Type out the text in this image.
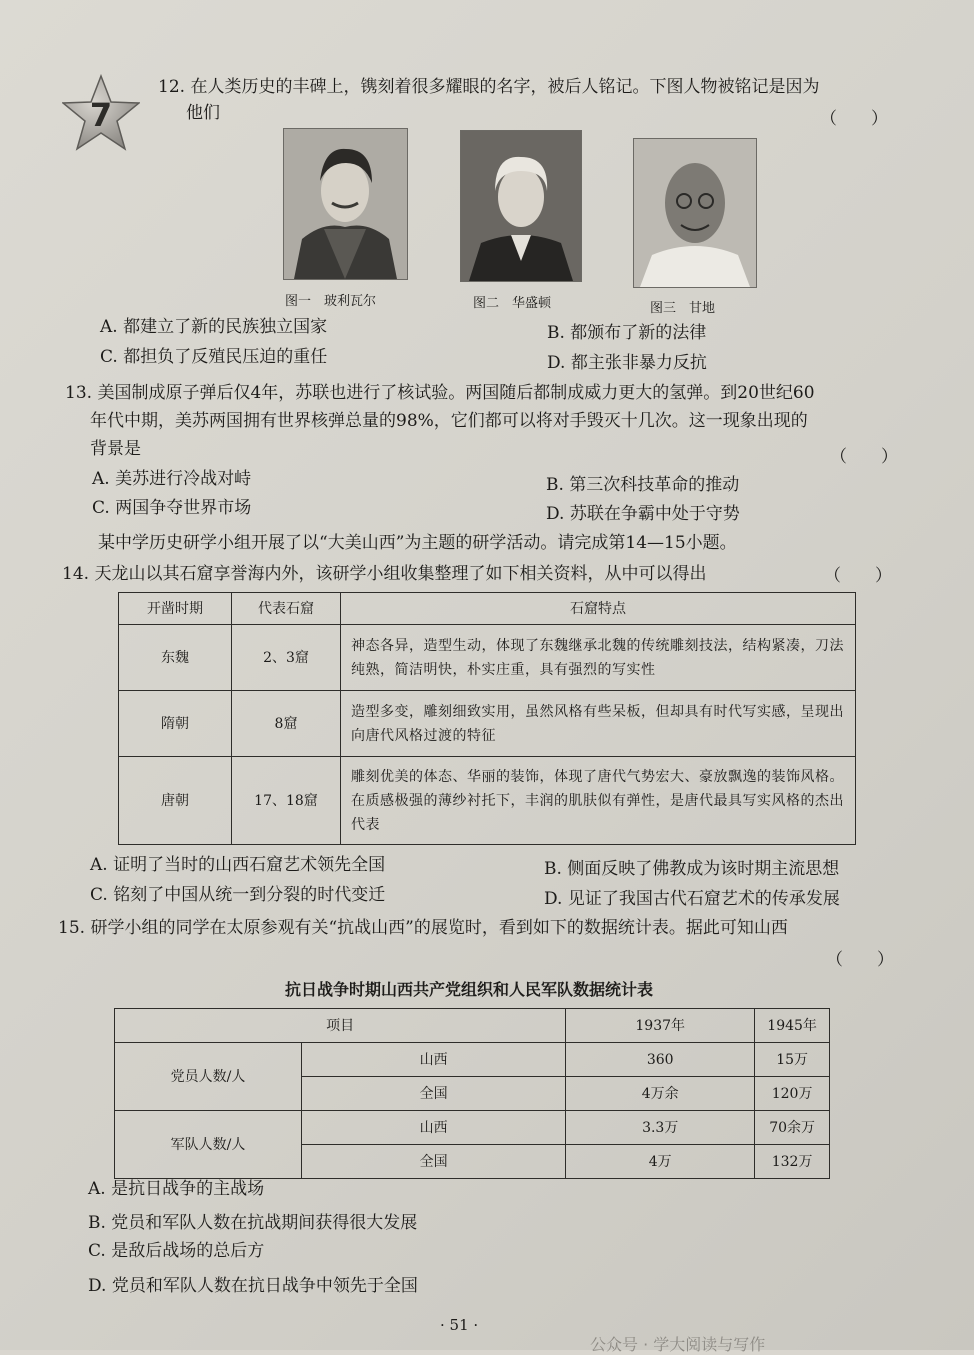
7
12. 在人类历史的丰碑上，镌刻着很多耀眼的名字，被后人铭记。下图人物被铭记是因为
他们	（　　）
图一　玻利瓦尔	图二　华盛顿	图三　甘地
A. 都建立了新的民族独立国家	B. 都颁布了新的法律
C. 都担负了反殖民压迫的重任	D. 都主张非暴力反抗
13. 美国制成原子弹后仅4年，苏联也进行了核试验。两国随后都制成威力更大的氢弹。到20世纪60
年代中期，美苏两国拥有世界核弹总量的98%，它们都可以将对手毁灭十几次。这一现象出现的
背景是	（　　）
A. 美苏进行冷战对峙	B. 第三次科技革命的推动
C. 两国争夺世界市场	D. 苏联在争霸中处于守势
某中学历史研学小组开展了以“大美山西”为主题的研学活动。请完成第14—15小题。
14. 天龙山以其石窟享誉海内外，该研学小组收集整理了如下相关资料，从中可以得出	（　　）
开凿时期	代表石窟	石窟特点
东魏	2、3窟	神态各异，造型生动，体现了东魏继承北魏的传统雕刻技法，结构紧凑，刀法纯熟，简洁明快，朴实庄重，具有强烈的写实性
隋朝	8窟	造型多变，雕刻细致实用，虽然风格有些呆板，但却具有时代写实感，呈现出向唐代风格过渡的特征
唐朝	17、18窟	雕刻优美的体态、华丽的装饰，体现了唐代气势宏大、豪放飘逸的装饰风格。在质感极强的薄纱衬托下，丰润的肌肤似有弹性，是唐代最具写实风格的杰出代表
A. 证明了当时的山西石窟艺术领先全国	B. 侧面反映了佛教成为该时期主流思想
C. 铭刻了中国从统一到分裂的时代变迁	D. 见证了我国古代石窟艺术的传承发展
15. 研学小组的同学在太原参观有关“抗战山西”的展览时，看到如下的数据统计表。据此可知山西
（　　）
抗日战争时期山西共产党组织和人民军队数据统计表
项目		1937年	1945年
党员人数/人	山西	360	15万
	全国	4万余	120万
军队人数/人	山西	3.3万	70余万
	全国	4万	132万
A. 是抗日战争的主战场
B. 党员和军队人数在抗战期间获得很大发展
C. 是敌后战场的总后方
D. 党员和军队人数在抗日战争中领先于全国
· 51 ·
公众号 · 学大阅读与写作
